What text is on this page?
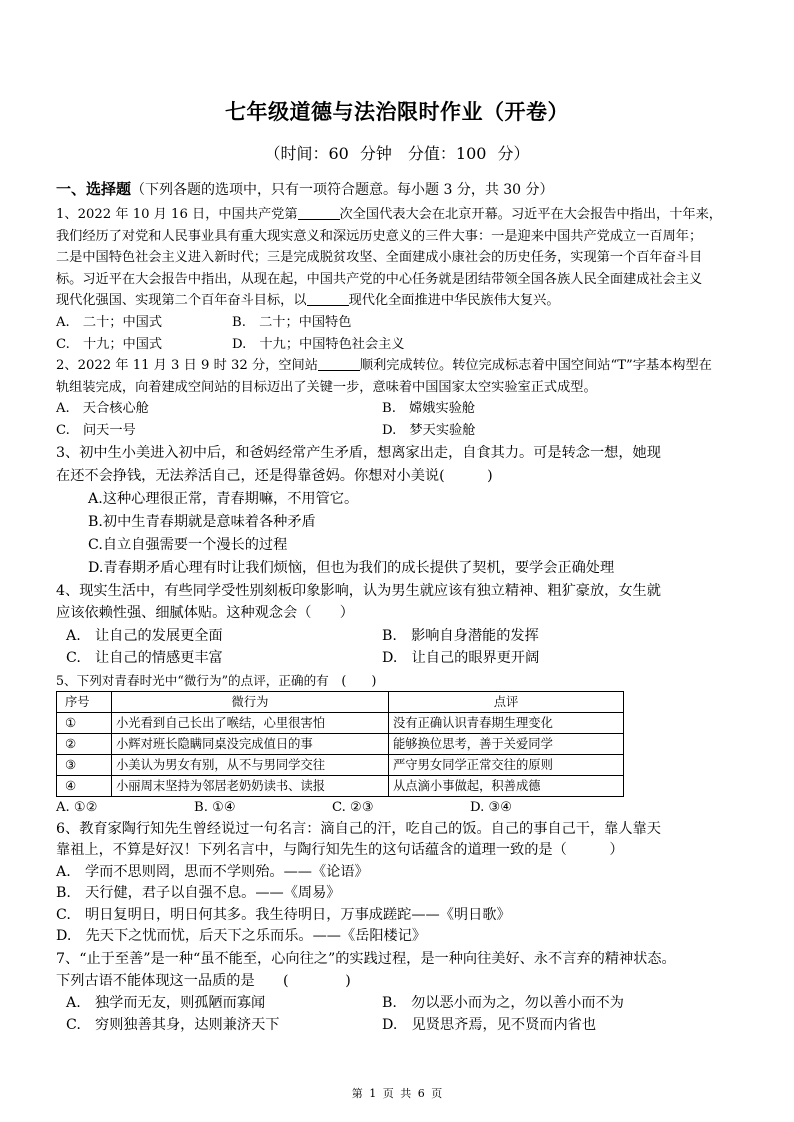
七年级道德与法治限时作业（开卷）
（时间：60 分钟　分值：100 分）
一、选择题（下列各题的选项中，只有一项符合题意。每小题 3 分，共 30 分）

1、2022 年 10 月 16 日，中国共产党第	次全国代表大会在北京开幕。习近平在大会报告中指出，十年来，

我们经历了对党和人民事业具有重大现实意义和深远历史意义的三件大事：一是迎来中国共产党成立一百周年；

二是中国特色社会主义进入新时代；三是完成脱贫攻坚、全面建成小康社会的历史任务，实现第一个百年奋斗目

标。习近平在大会报告中指出，从现在起，中国共产党的中心任务就是团结带领全国各族人民全面建成社会主义

现代化强国、实现第二个百年奋斗目标，以	现代化全面推进中华民族伟大复兴。

A.　二十；中国式	B.　二十；中国特色
C.　十九；中国式	D.　十九；中国特色社会主义

2、2022 年 11 月 3 日 9 时 32 分，空间站	顺利完成转位。转位完成标志着中国空间站“T”字基本构型在

轨组装完成，向着建成空间站的目标迈出了关键一步，意味着中国国家太空实验室正式成型。

A.　天合核心舱	B.　嫦娥实验舱
C.　问天一号	D.　梦天实验舱

3、初中生小美进入初中后，和爸妈经常产生矛盾，想离家出走，自食其力。可是转念一想，她现

在还不会挣钱，无法养活自己，还是得靠爸妈。你想对小美说(　　　)

A.这种心理很正常，青春期嘛，不用管它。

B.初中生青春期就是意味着各种矛盾

C.自立自强需要一个漫长的过程

D.青春期矛盾心理有时让我们烦恼，但也为我们的成长提供了契机，要学会正确处理

4、现实生活中，有些同学受性别刻板印象影响，认为男生就应该有独立精神、粗犷豪放，女生就

应该依赖性强、细腻体贴。这种观念会（　　）

A.　让自己的发展更全面	B.　影响自身潜能的发挥
C.　让自己的情感更丰富	D.　让自己的眼界更开阔

5、下列对青春时光中“微行为”的点评，正确的有　(　　)

序号	微行为	点评
①	小光看到自己长出了喉结，心里很害怕	没有正确认识青春期生理变化
②	小辉对班长隐瞒同桌没完成值日的事	能够换位思考，善于关爱同学
③	小美认为男女有别，从不与男同学交往	严守男女同学正常交往的原则
④	小丽周末坚持为邻居老奶奶读书、读报	从点滴小事做起，积善成德
A. ①②	B. ①④	C. ②③	D. ③④

6、教育家陶行知先生曾经说过一句名言：滴自己的汗，吃自己的饭。自己的事自己干，靠人靠天

靠祖上，不算是好汉！下列名言中，与陶行知先生的这句话蕴含的道理一致的是（　　　）

A.　学而不思则罔，思而不学则殆。——《论语》

B.　天行健，君子以自强不息。——《周易》

C.　明日复明日，明日何其多。我生待明日，万事成蹉跎——《明日歌》

D.　先天下之忧而忧，后天下之乐而乐。——《岳阳楼记》

7、“止于至善”是一种“虽不能至，心向往之”的实践过程，是一种向往美好、永不言弃的精神状态。

下列古语不能体现这一品质的是　　(　　　　)

A.　独学而无友，则孤陋而寡闻	B.　勿以恶小而为之，勿以善小而不为
C.　穷则独善其身，达则兼济天下	D.　见贤思齐焉，见不贤而内省也
第 1 页 共 6 页
